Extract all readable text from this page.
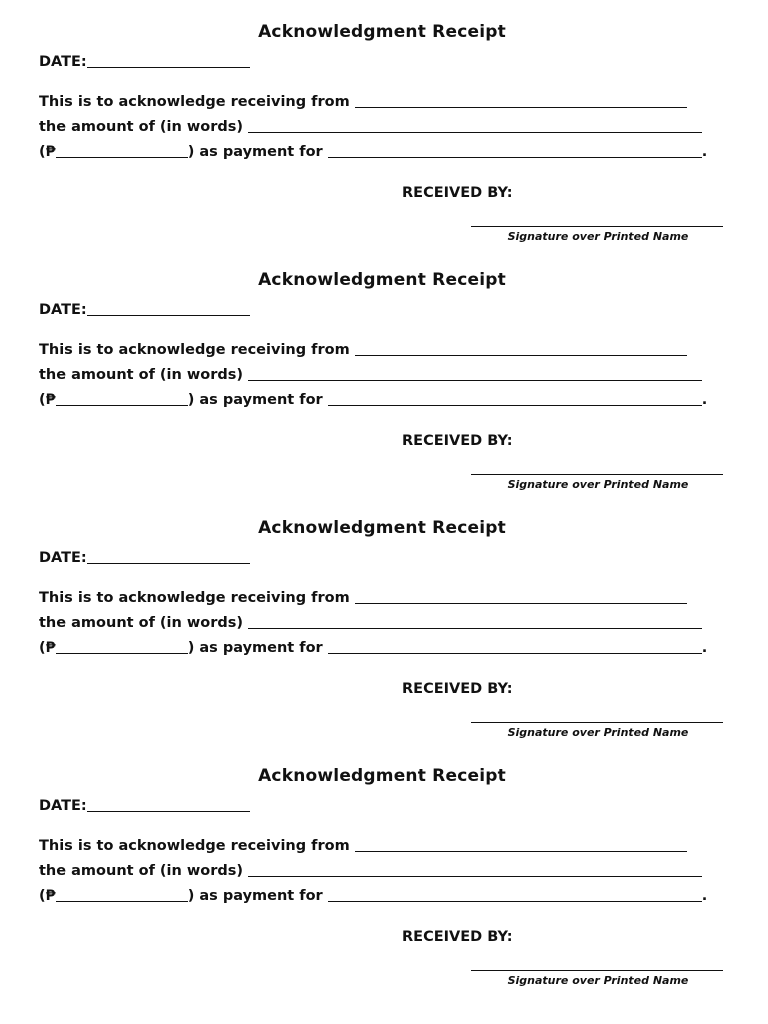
Acknowledgment Receipt
DATE:
This is to acknowledge receiving from
the amount of (in words)
(₱	) as payment for	.
RECEIVED BY:
Signature over Printed Name
Acknowledgment Receipt
DATE:
This is to acknowledge receiving from
the amount of (in words)
(₱	) as payment for	.
RECEIVED BY:
Signature over Printed Name
Acknowledgment Receipt
DATE:
This is to acknowledge receiving from
the amount of (in words)
(₱	) as payment for	.
RECEIVED BY:
Signature over Printed Name
Acknowledgment Receipt
DATE:
This is to acknowledge receiving from
the amount of (in words)
(₱	) as payment for	.
RECEIVED BY:
Signature over Printed Name
